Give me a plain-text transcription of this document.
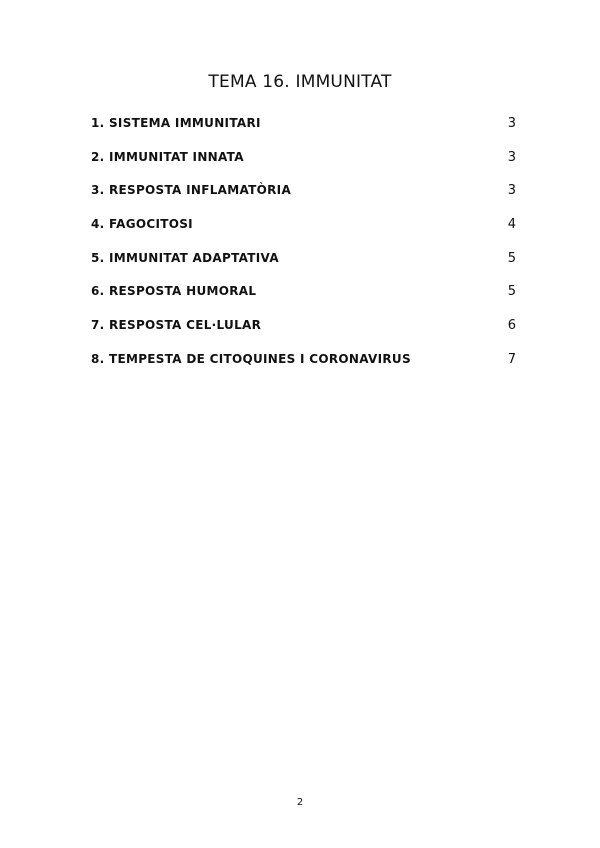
TEMA 16. IMMUNITAT
1. SISTEMA IMMUNITARI	3
2. IMMUNITAT INNATA	3
3. RESPOSTA INFLAMATÒRIA	3
4. FAGOCITOSI	4
5. IMMUNITAT ADAPTATIVA	5
6. RESPOSTA HUMORAL	5
7. RESPOSTA CEL·LULAR	6
8. TEMPESTA DE CITOQUINES I CORONAVIRUS	7
2
